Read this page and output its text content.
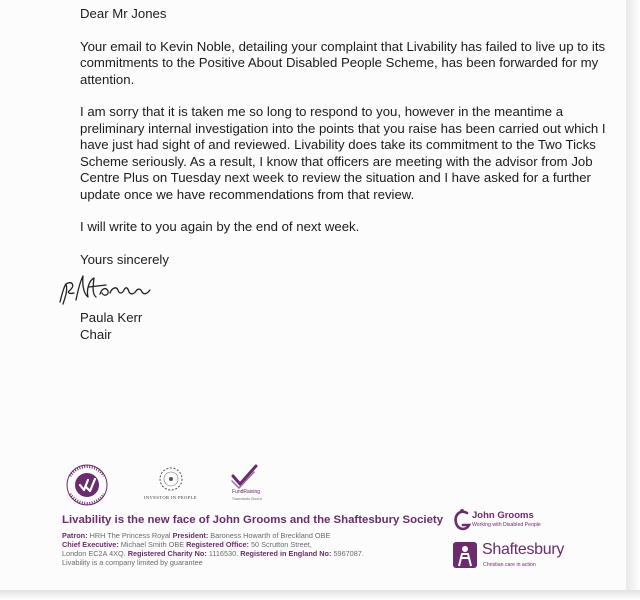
Dear Mr Jones

Your email to Kevin Noble, detailing your complaint that Livability has failed to live up to its commitments to the Positive About Disabled People Scheme, has been forwarded for my attention.

I am sorry that it is taken me so long to respond to you, however in the meantime a preliminary internal investigation into the points that you raise has been carried out which I have just had sight of and reviewed. Livability does take its commitment to the Two Ticks Scheme seriously. As a result, I know that officers are meeting with the advisor from Job Centre Plus on Tuesday next week to review the situation and I have asked for a further update once we have recommendations from that review.

I will write to you again by the end of next week.

Yours sincerely

Paula Kerr
Chair
INVESTOR IN PEOPLE
FundRaising
Standards Board
Livability is the new face of John Grooms and the Shaftesbury Society
Patron: HRH The Princess Royal President: Baroness Howarth of Breckland OBE
Chief Executive: Michael Smith OBE Registered Office: 50 Scrutton Street,
London EC2A 4XQ. Registered Charity No: 1116530. Registered in England No: 5967087.
Livability is a company limited by guarantee
John Grooms
Working with Disabled People
Shaftesbury
Christian care in action
